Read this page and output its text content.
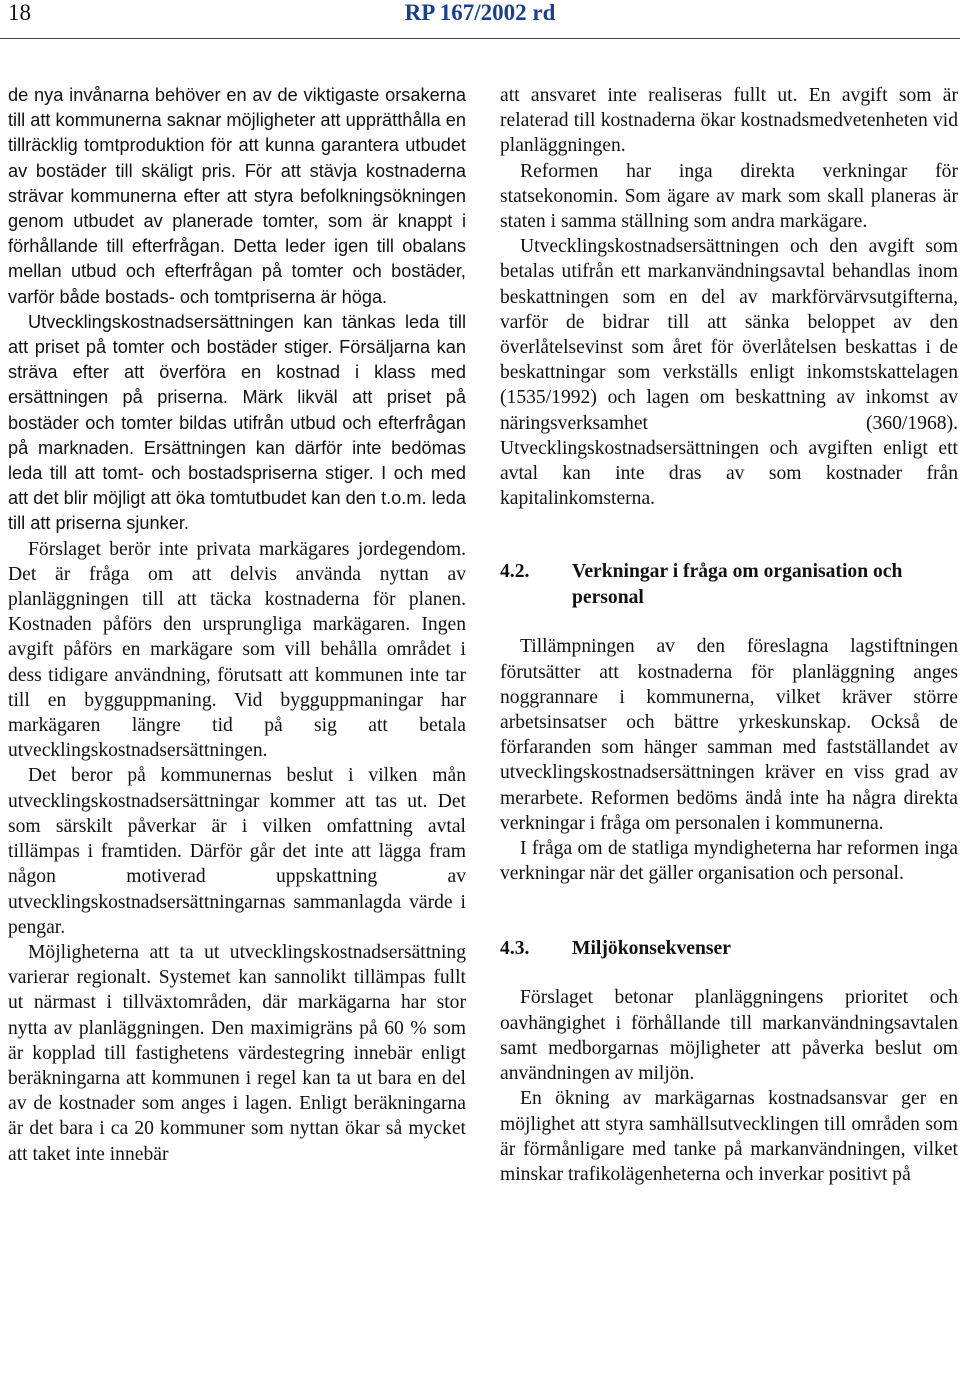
18	RP 167/2002 rd

de nya invånarna behöver en av de viktigaste orsakerna till att kommunerna saknar möjligheter att upprätthålla en tillräcklig tomtproduktion för att kunna garantera utbudet av bostäder till skäligt pris. För att stävja kostnaderna strävar kommunerna efter att styra befolkningsökningen genom utbudet av planerade tomter, som är knappt i förhållande till efterfrågan. Detta leder igen till obalans mellan utbud och efterfrågan på tomter och bostäder, varför både bostads- och tomtpriserna är höga.

Utvecklingskostnadsersättningen kan tänkas leda till att priset på tomter och bostäder stiger. Försäljarna kan sträva efter att överföra en kostnad i klass med ersättningen på priserna. Märk likväl att priset på bostäder och tomter bildas utifrån utbud och efterfrågan på marknaden. Ersättningen kan därför inte bedömas leda till att tomt- och bostadspriserna stiger. I och med att det blir möjligt att öka tomtutbudet kan den t.o.m. leda till att priserna sjunker.

Förslaget berör inte privata markägares jordegendom. Det är fråga om att delvis använda nyttan av planläggningen till att täcka kostnaderna för planen. Kostnaden påförs den ursprungliga markägaren. Ingen avgift påförs en markägare som vill behålla området i dess tidigare användning, förutsatt att kommunen inte tar till en bygguppmaning. Vid bygguppmaningar har markägaren längre tid på sig att betala utvecklingskostnadsersättningen.

Det beror på kommunernas beslut i vilken mån utvecklingskostnadsersättningar kommer att tas ut. Det som särskilt påverkar är i vilken omfattning avtal tillämpas i framtiden. Därför går det inte att lägga fram någon motiverad uppskattning av utvecklingskostnadsersättningarnas sammanlagda värde i pengar.

Möjligheterna att ta ut utvecklingskostnadsersättning varierar regionalt. Systemet kan sannolikt tillämpas fullt ut närmast i tillväxtområden, där markägarna har stor nytta av planläggningen. Den maximigräns på 60 % som är kopplad till fastighetens värdestegring innebär enligt beräkningarna att kommunen i regel kan ta ut bara en del av de kostnader som anges i lagen. Enligt beräkningarna är det bara i ca 20 kommuner som nyttan ökar så mycket att taket inte innebär

att ansvaret inte realiseras fullt ut. En avgift som är relaterad till kostnaderna ökar kostnadsmedvetenheten vid planläggningen.

Reformen har inga direkta verkningar för statsekonomin. Som ägare av mark som skall planeras är staten i samma ställning som andra markägare.

Utvecklingskostnadsersättningen och den avgift som betalas utifrån ett markanvändningsavtal behandlas inom beskattningen som en del av markförvärvsutgifterna, varför de bidrar till att sänka beloppet av den överlåtelsevinst som året för överlåtelsen beskattas i de beskattningar som verkställs enligt inkomstskattelagen (1535/1992) och lagen om beskattning av inkomst av näringsverksamhet (360/1968). Utvecklingskostnadsersättningen och avgiften enligt ett avtal kan inte dras av som kostnader från kapitalinkomsterna.

4.2.	Verkningar i fråga om organisation och personal

Tillämpningen av den föreslagna lagstiftningen förutsätter att kostnaderna för planläggning anges noggrannare i kommunerna, vilket kräver större arbetsinsatser och bättre yrkeskunskap. Också de förfaranden som hänger samman med fastställandet av utvecklingskostnadsersättningen kräver en viss grad av merarbete. Reformen bedöms ändå inte ha några direkta verkningar i fråga om personalen i kommunerna.

I fråga om de statliga myndigheterna har reformen inga verkningar när det gäller organisation och personal.

4.3.	Miljökonsekvenser

Förslaget betonar planläggningens prioritet och oavhängighet i förhållande till markanvändningsavtalen samt medborgarnas möjligheter att påverka beslut om användningen av miljön.

En ökning av markägarnas kostnadsansvar ger en möjlighet att styra samhällsutvecklingen till områden som är förmånligare med tanke på markanvändningen, vilket minskar trafikolägenheterna och inverkar positivt på
